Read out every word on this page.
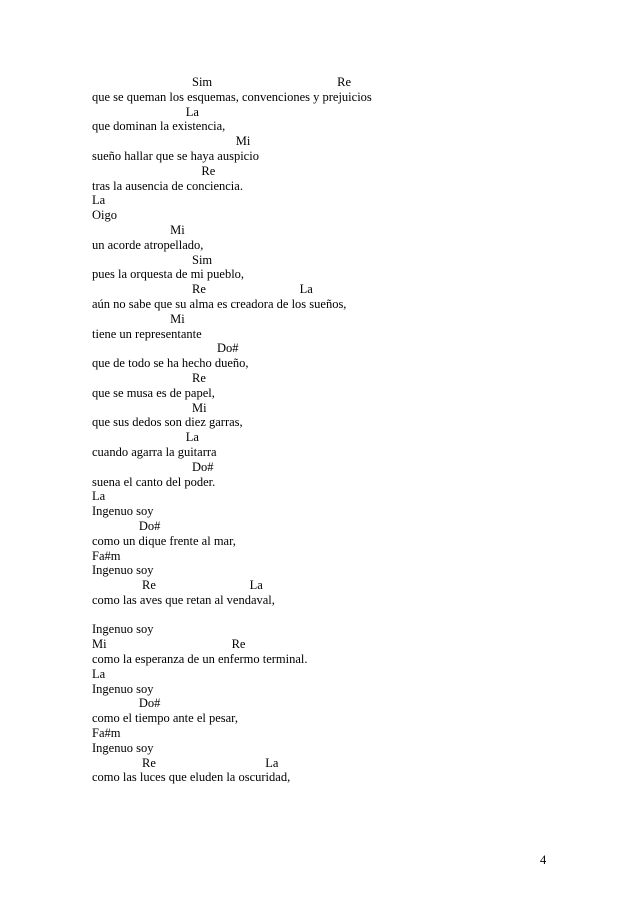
Sim                                        Re
que se queman los esquemas, convenciones y prejuicios
La
que dominan la existencia,
Mi
sueño hallar que se haya auspicio
Re
tras la ausencia de conciencia.
La
Oigo
Mi
un acorde atropellado,
Sim
pues la orquesta de mi pueblo,
Re                              La
aún no sabe que su alma es creadora de los sueños,
Mi
tiene un representante
Do#
que de todo se ha hecho dueño,
Re
que se musa es de papel,
Mi
que sus dedos son diez garras,
La
cuando agarra la guitarra
Do#
suena el canto del poder.
La
Ingenuo soy
Do#
como un dique frente al mar,
Fa#m
Ingenuo soy
Re                              La
como las aves que retan al vendaval,
Ingenuo soy
Mi                                        Re
como la esperanza de un enfermo terminal.
La
Ingenuo soy
Do#
como el tiempo ante el pesar,
Fa#m
Ingenuo soy
Re                                   La
como las luces que eluden la oscuridad,
4
